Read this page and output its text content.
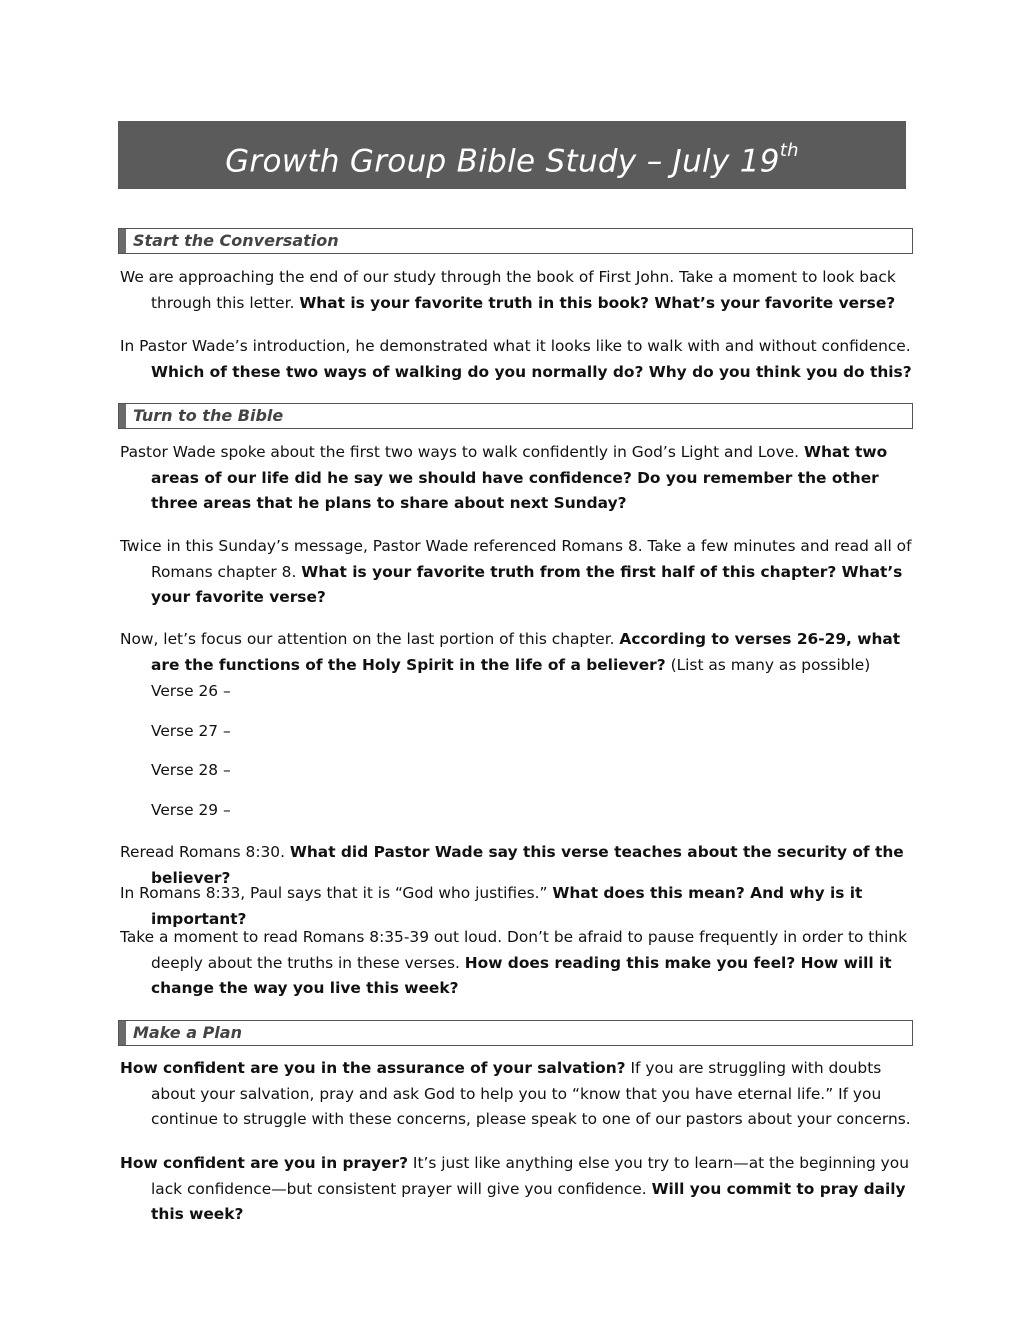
Growth Group Bible Study – July 19th
Start the Conversation
We are approaching the end of our study through the book of First John. Take a moment to look back through this letter. What is your favorite truth in this book? What’s your favorite verse?
In Pastor Wade’s introduction, he demonstrated what it looks like to walk with and without confidence. Which of these two ways of walking do you normally do? Why do you think you do this?
Turn to the Bible
Pastor Wade spoke about the first two ways to walk confidently in God’s Light and Love. What two areas of our life did he say we should have confidence? Do you remember the other three areas that he plans to share about next Sunday?
Twice in this Sunday’s message, Pastor Wade referenced Romans 8. Take a few minutes and read all of Romans chapter 8. What is your favorite truth from the first half of this chapter? What’s your favorite verse?
Now, let’s focus our attention on the last portion of this chapter. According to verses 26-29, what are the functions of the Holy Spirit in the life of a believer? (List as many as possible)
Verse 26 –
Verse 27 –
Verse 28 –
Verse 29 –
Reread Romans 8:30. What did Pastor Wade say this verse teaches about the security of the believer?
In Romans 8:33, Paul says that it is “God who justifies.” What does this mean? And why is it important?
Take a moment to read Romans 8:35-39 out loud. Don’t be afraid to pause frequently in order to think deeply about the truths in these verses. How does reading this make you feel? How will it change the way you live this week?
Make a Plan
How confident are you in the assurance of your salvation? If you are struggling with doubts about your salvation, pray and ask God to help you to “know that you have eternal life.” If you continue to struggle with these concerns, please speak to one of our pastors about your concerns.
How confident are you in prayer? It’s just like anything else you try to learn—at the beginning you lack confidence—but consistent prayer will give you confidence. Will you commit to pray daily this week?
